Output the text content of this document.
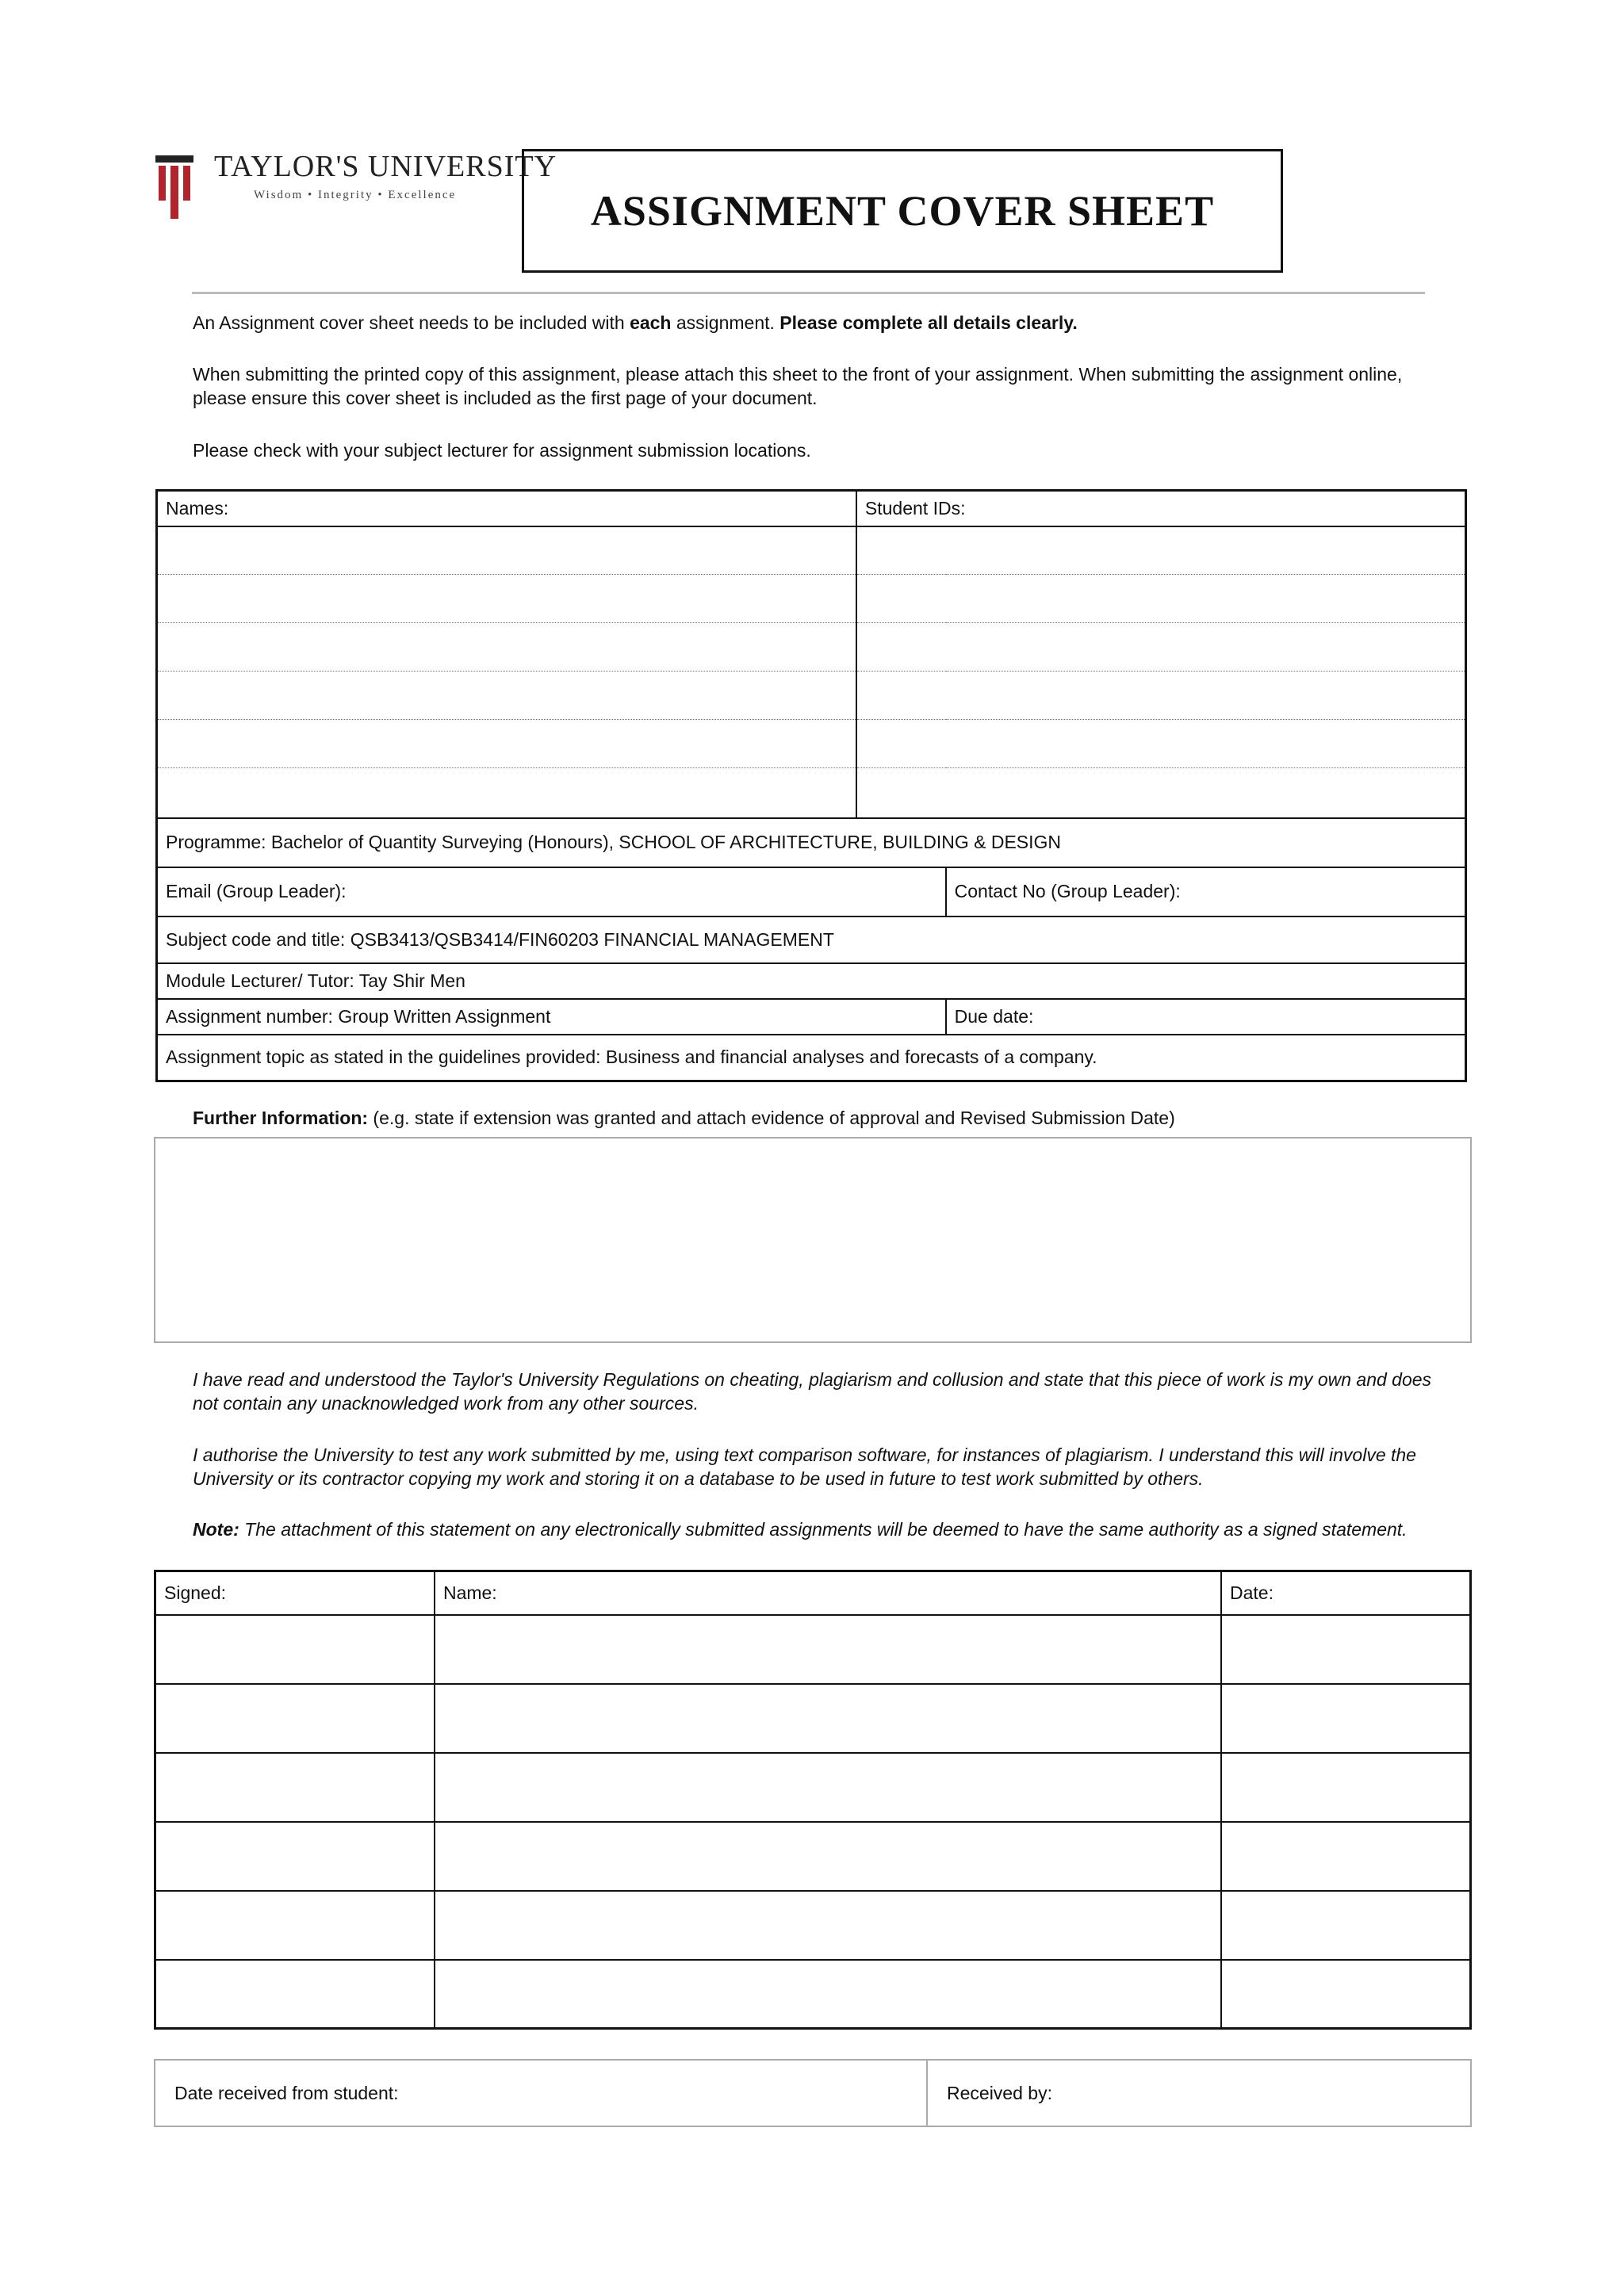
TAYLOR'S UNIVERSITY
Wisdom • Integrity • Excellence	ASSIGNMENT COVER SHEET
An Assignment cover sheet needs to be included with each assignment. Please complete all details clearly.
When submitting the printed copy of this assignment, please attach this sheet to the front of your assignment. When submitting the assignment online, please ensure this cover sheet is included as the first page of your document.
Please check with your subject lecturer for assignment submission locations.
Names:	Student IDs:	

Programme: Bachelor of Quantity Surveying (Honours), SCHOOL OF ARCHITECTURE, BUILDING & DESIGN		
Email (Group Leader):		Contact No (Group Leader):
Subject code and title: QSB3413/QSB3414/FIN60203 FINANCIAL MANAGEMENT		
Module Lecturer/ Tutor: Tay Shir Men		
Assignment number: Group Written Assignment		Due date:
Assignment topic as stated in the guidelines provided: Business and financial analyses and forecasts of a company.		
Further Information: (e.g. state if extension was granted and attach evidence of approval and Revised Submission Date)
I have read and understood the Taylor's University Regulations on cheating, plagiarism and collusion and state that this piece of work is my own and does not contain any unacknowledged work from any other sources.
I authorise the University to test any work submitted by me, using text comparison software, for instances of plagiarism. I understand this will involve the University or its contractor copying my work and storing it on a database to be used in future to test work submitted by others.
Note: The attachment of this statement on any electronically submitted assignments will be deemed to have the same authority as a signed statement.
Signed:	Name:	Date:

Date received from student:	Received by:
